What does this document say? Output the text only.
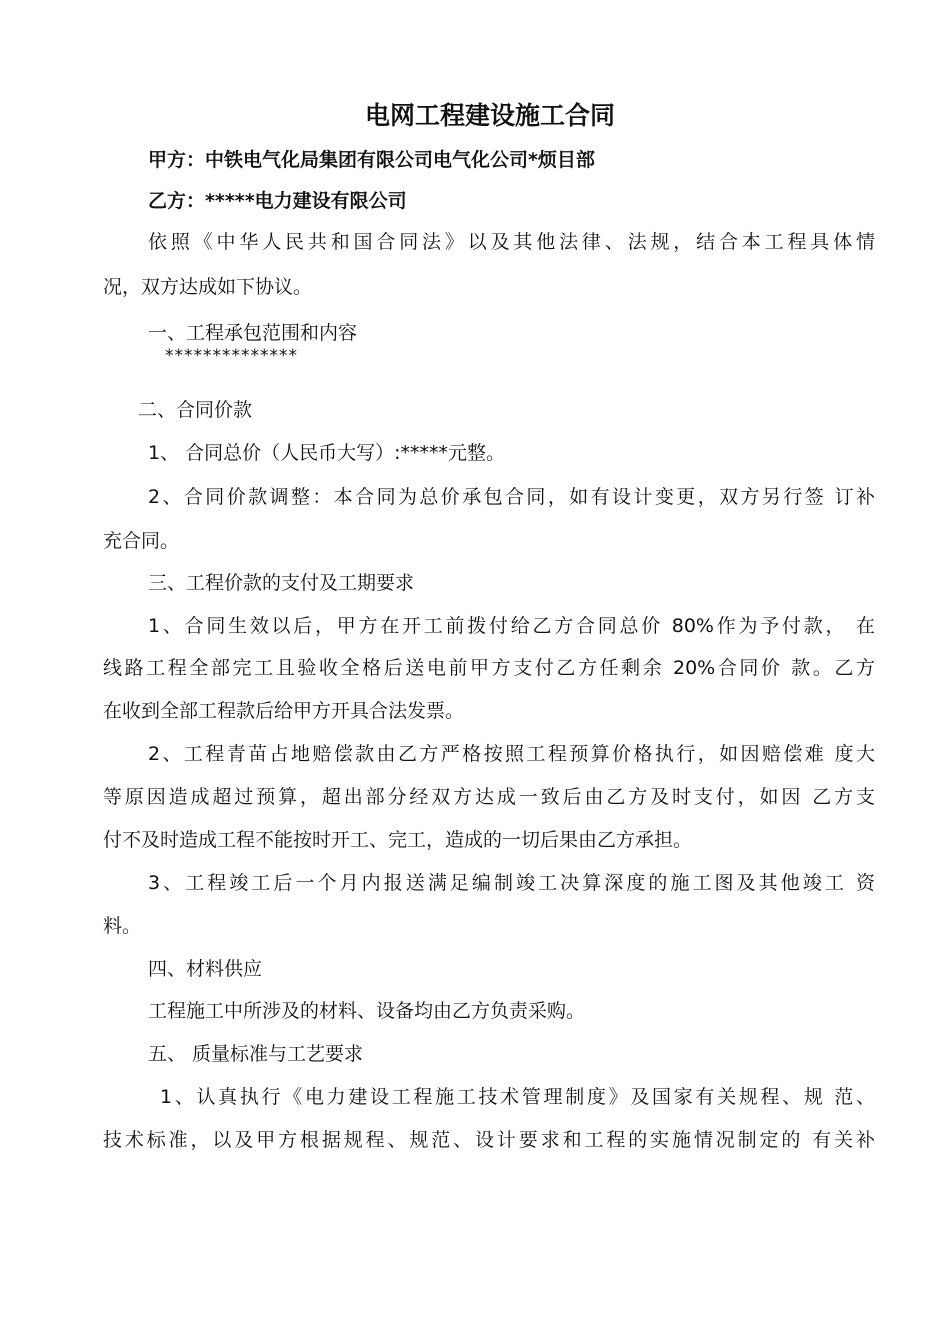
电网工程建设施工合同
甲方：中铁电气化局集团有限公司电气化公司*烦目部
乙方：*****电力建设有限公司
依照《中华人民共和国合同法》以及其他法律、法规，结合本工程具体情
况，双方达成如下协议。
一、工程承包范围和内容
**************
二、合同价款
1、 合同总价（人民币大写）:*****元整。
2、合同价款调整：本合同为总价承包合同，如有设计变更，双方另行签 订补
充合同。
三、工程价款的支付及工期要求
1、合同生效以后，甲方在开工前拨付给乙方合同总价 80%作为予付款， 在
线路工程全部完工且验收全格后送电前甲方支付乙方任剩余 20%合同价 款。乙方
在收到全部工程款后给甲方开具合法发票。
2、工程青苗占地赔偿款由乙方严格按照工程预算价格执行，如因赔偿难 度大
等原因造成超过预算，超出部分经双方达成一致后由乙方及时支付，如因 乙方支
付不及时造成工程不能按时开工、完工，造成的一切后果由乙方承担。
3、工程竣工后一个月内报送满足编制竣工决算深度的施工图及其他竣工 资
料。
四、材料供应
工程施工中所涉及的材料、设备均由乙方负责采购。
五、 质量标准与工艺要求
1、认真执行《电力建设工程施工技术管理制度》及国家有关规程、规 范、
技术标准，以及甲方根据规程、规范、设计要求和工程的实施情况制定的 有关补
